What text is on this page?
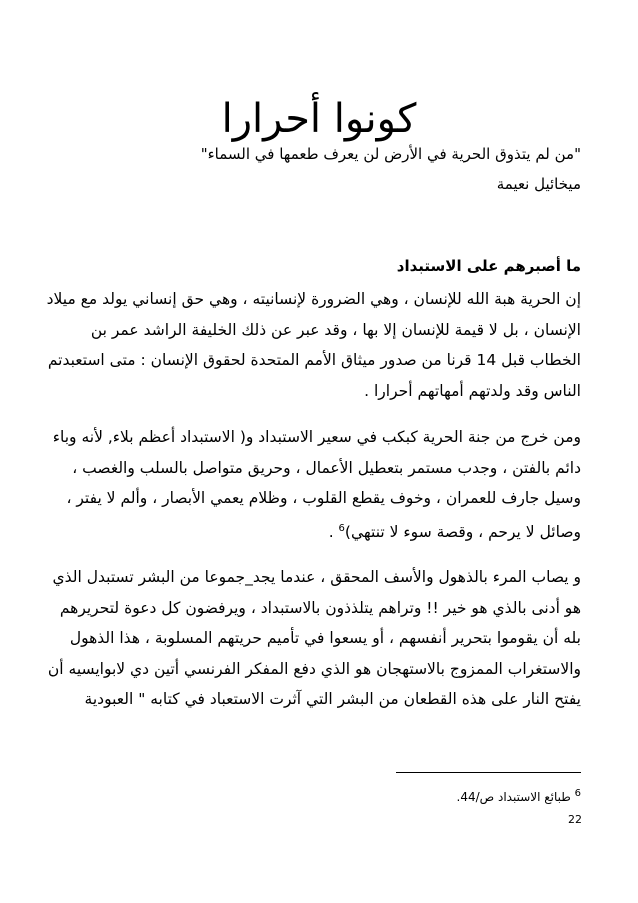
كونوا أحرارا
"من لم يتذوق الحرية في الأرض لن يعرف طعمها في السماء"
ميخائيل نعيمة
ما أصبرهم على الاستبداد
إن الحرية هبة الله للإنسان ، وهي الضرورة لإنسانيته ، وهي حق إنساني يولد مع ميلاد
الإنسان ، بل لا قيمة للإنسان إلا بها ، وقد عبر عن ذلك الخليفة الراشد عمر بن
الخطاب قبل 14 قرنا من صدور ميثاق الأمم المتحدة لحقوق الإنسان : متى استعبدتم
الناس وقد ولدتهم أمهاتهم أحرارا .
ومن خرج من جنة الحرية كبكب في سعير الاستبداد و( الاستبداد أعظم بلاء, لأنه وباء
دائم بالفتن ، وجدب مستمر بتعطيل الأعمال ، وحريق متواصل بالسلب والغصب ،
وسيل جارف للعمران ، وخوف يقطع القلوب ، وظلام يعمي الأبصار ، وألم لا يفتر ،
وصائل لا يرحم ، وقصة سوء لا تنتهي)$^6$ .
و يصاب المرء بالذهول والأسف المحقق ، عندما يجد_جموعا من البشر تستبدل الذي
هو أدنى بالذي هو خير !! وتراهم يتلذذون بالاستبداد ، ويرفضون كل دعوة لتحريرهم
بله أن يقوموا بتحرير أنفسهم ، أو يسعوا في تأميم حريتهم المسلوبة ، هذا الذهول
والاستغراب الممزوج بالاستهجان هو الذي دفع المفكر الفرنسي أتين دي لابوايسيه أن
يفتح النار على هذه القطعان من البشر التي آثرت الاستعباد في كتابه " العبودية
$^6$ طبائع الاستبداد ص/44.
22
